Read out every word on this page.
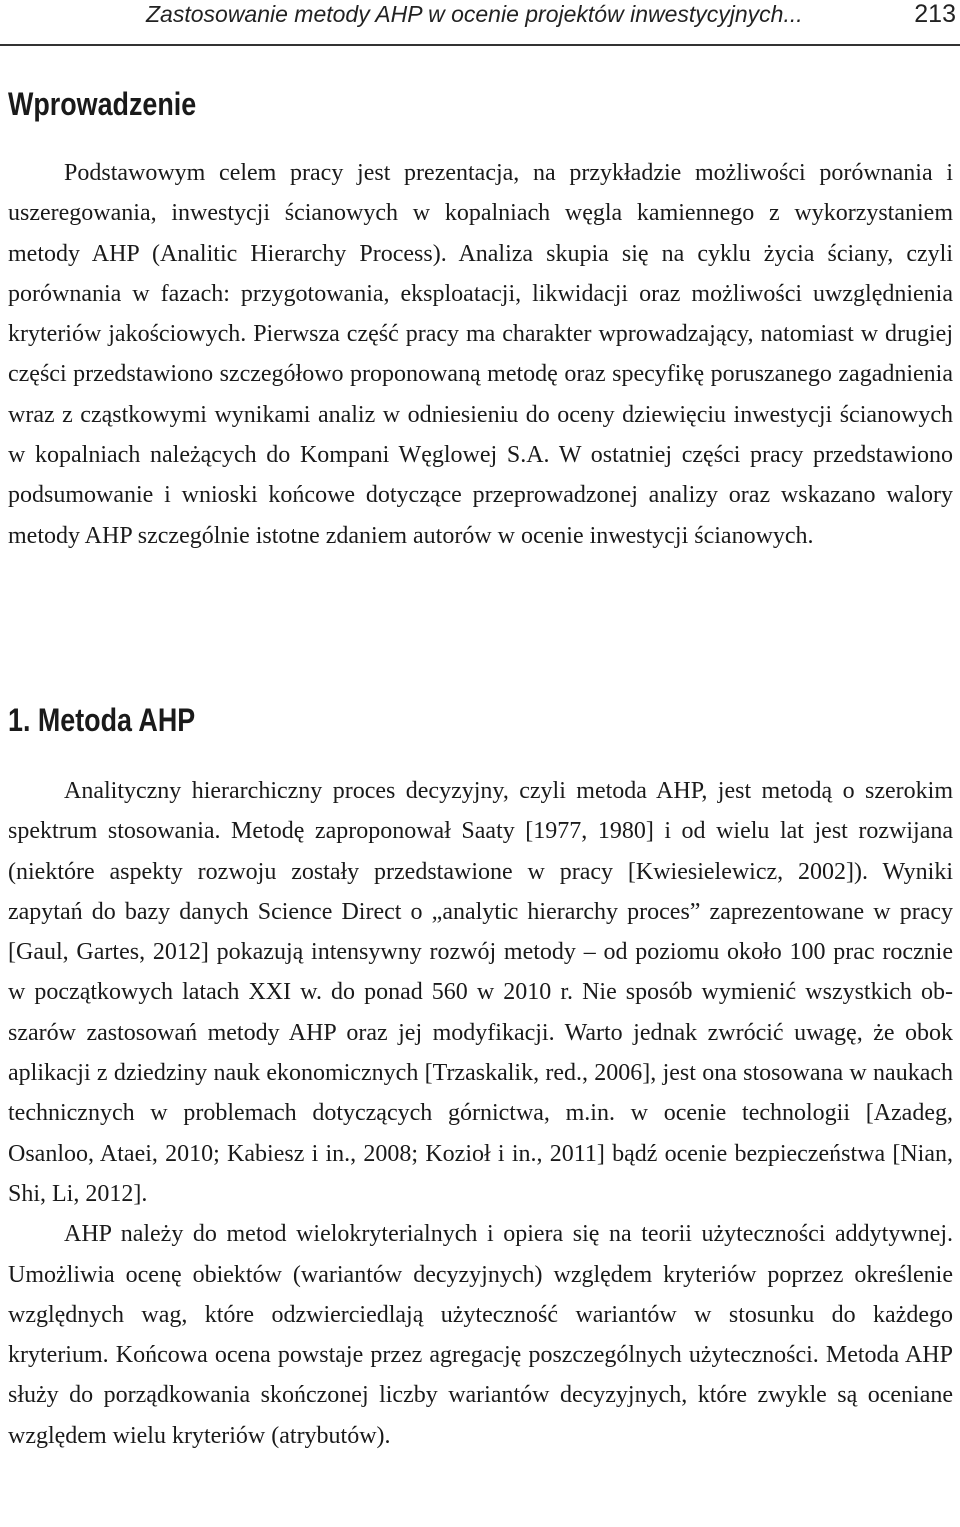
Zastosowanie metody AHP w ocenie projektów inwestycyjnych...	213
Wprowadzenie

Podstawowym celem pracy jest prezentacja, na przykładzie możliwości porównania i uszeregowania, inwestycji ścianowych w kopalniach węgla kamiennego z wykorzystaniem metody AHP (Analitic Hierarchy Process). Analiza skupia się na cyklu życia ściany, czyli porównania w fazach: przygotowania, eksploatacji, likwidacji oraz możliwości uwzględnienia kryteriów jakościowych. Pierwsza część pracy ma charakter wprowadzający, natomiast w drugiej części przedstawiono szczegółowo proponowaną metodę oraz specyfikę poruszanego zagadnienia wraz z cząstkowymi wynikami analiz w odniesieniu do oceny dziewięciu inwestycji ścianowych w kopalniach należących do Kompani Węglowej S.A. W ostatniej części pracy przedstawiono podsumowanie i wnioski końcowe dotyczące przeprowadzonej analizy oraz wskazano walory metody AHP szczególnie istotne zdaniem autorów w ocenie inwestycji ścianowych.

1. Metoda AHP

Analityczny hierarchiczny proces decyzyjny, czyli metoda AHP, jest metodą o szerokim spektrum stosowania. Metodę zaproponował Saaty [1977, 1980] i od wielu lat jest rozwijana (niektóre aspekty rozwoju zostały przedstawione w pracy [Kwiesielewicz, 2002]). Wyniki zapytań do bazy danych Science Direct o „analytic hierarchy proces” zaprezentowane w pracy [Gaul, Gartes, 2012] pokazują intensywny rozwój metody – od poziomu około 100 prac rocznie w początkowych latach XXI w. do ponad 560 w 2010 r. Nie sposób wymienić wszystkich obszarów zastosowań metody AHP oraz jej modyfikacji. Warto jednak zwrócić uwagę, że obok aplikacji z dziedziny nauk ekonomicznych [Trzaskalik, red., 2006], jest ona stosowana w naukach technicznych w problemach dotyczących górnictwa, m.in. w ocenie technologii [Azadeg, Osanloo, Ataei, 2010; Kabiesz i in., 2008; Kozioł i in., 2011] bądź ocenie bezpieczeństwa [Nian, Shi, Li, 2012].

AHP należy do metod wielokryterialnych i opiera się na teorii użyteczności addytywnej. Umożliwia ocenę obiektów (wariantów decyzyjnych) względem kryteriów poprzez określenie względnych wag, które odzwierciedlają użyteczność wariantów w stosunku do każdego kryterium. Końcowa ocena powstaje przez agregację poszczególnych użyteczności. Metoda AHP służy do porządkowania skończonej liczby wariantów decyzyjnych, które zwykle są oceniane względem wielu kryteriów (atrybutów).
